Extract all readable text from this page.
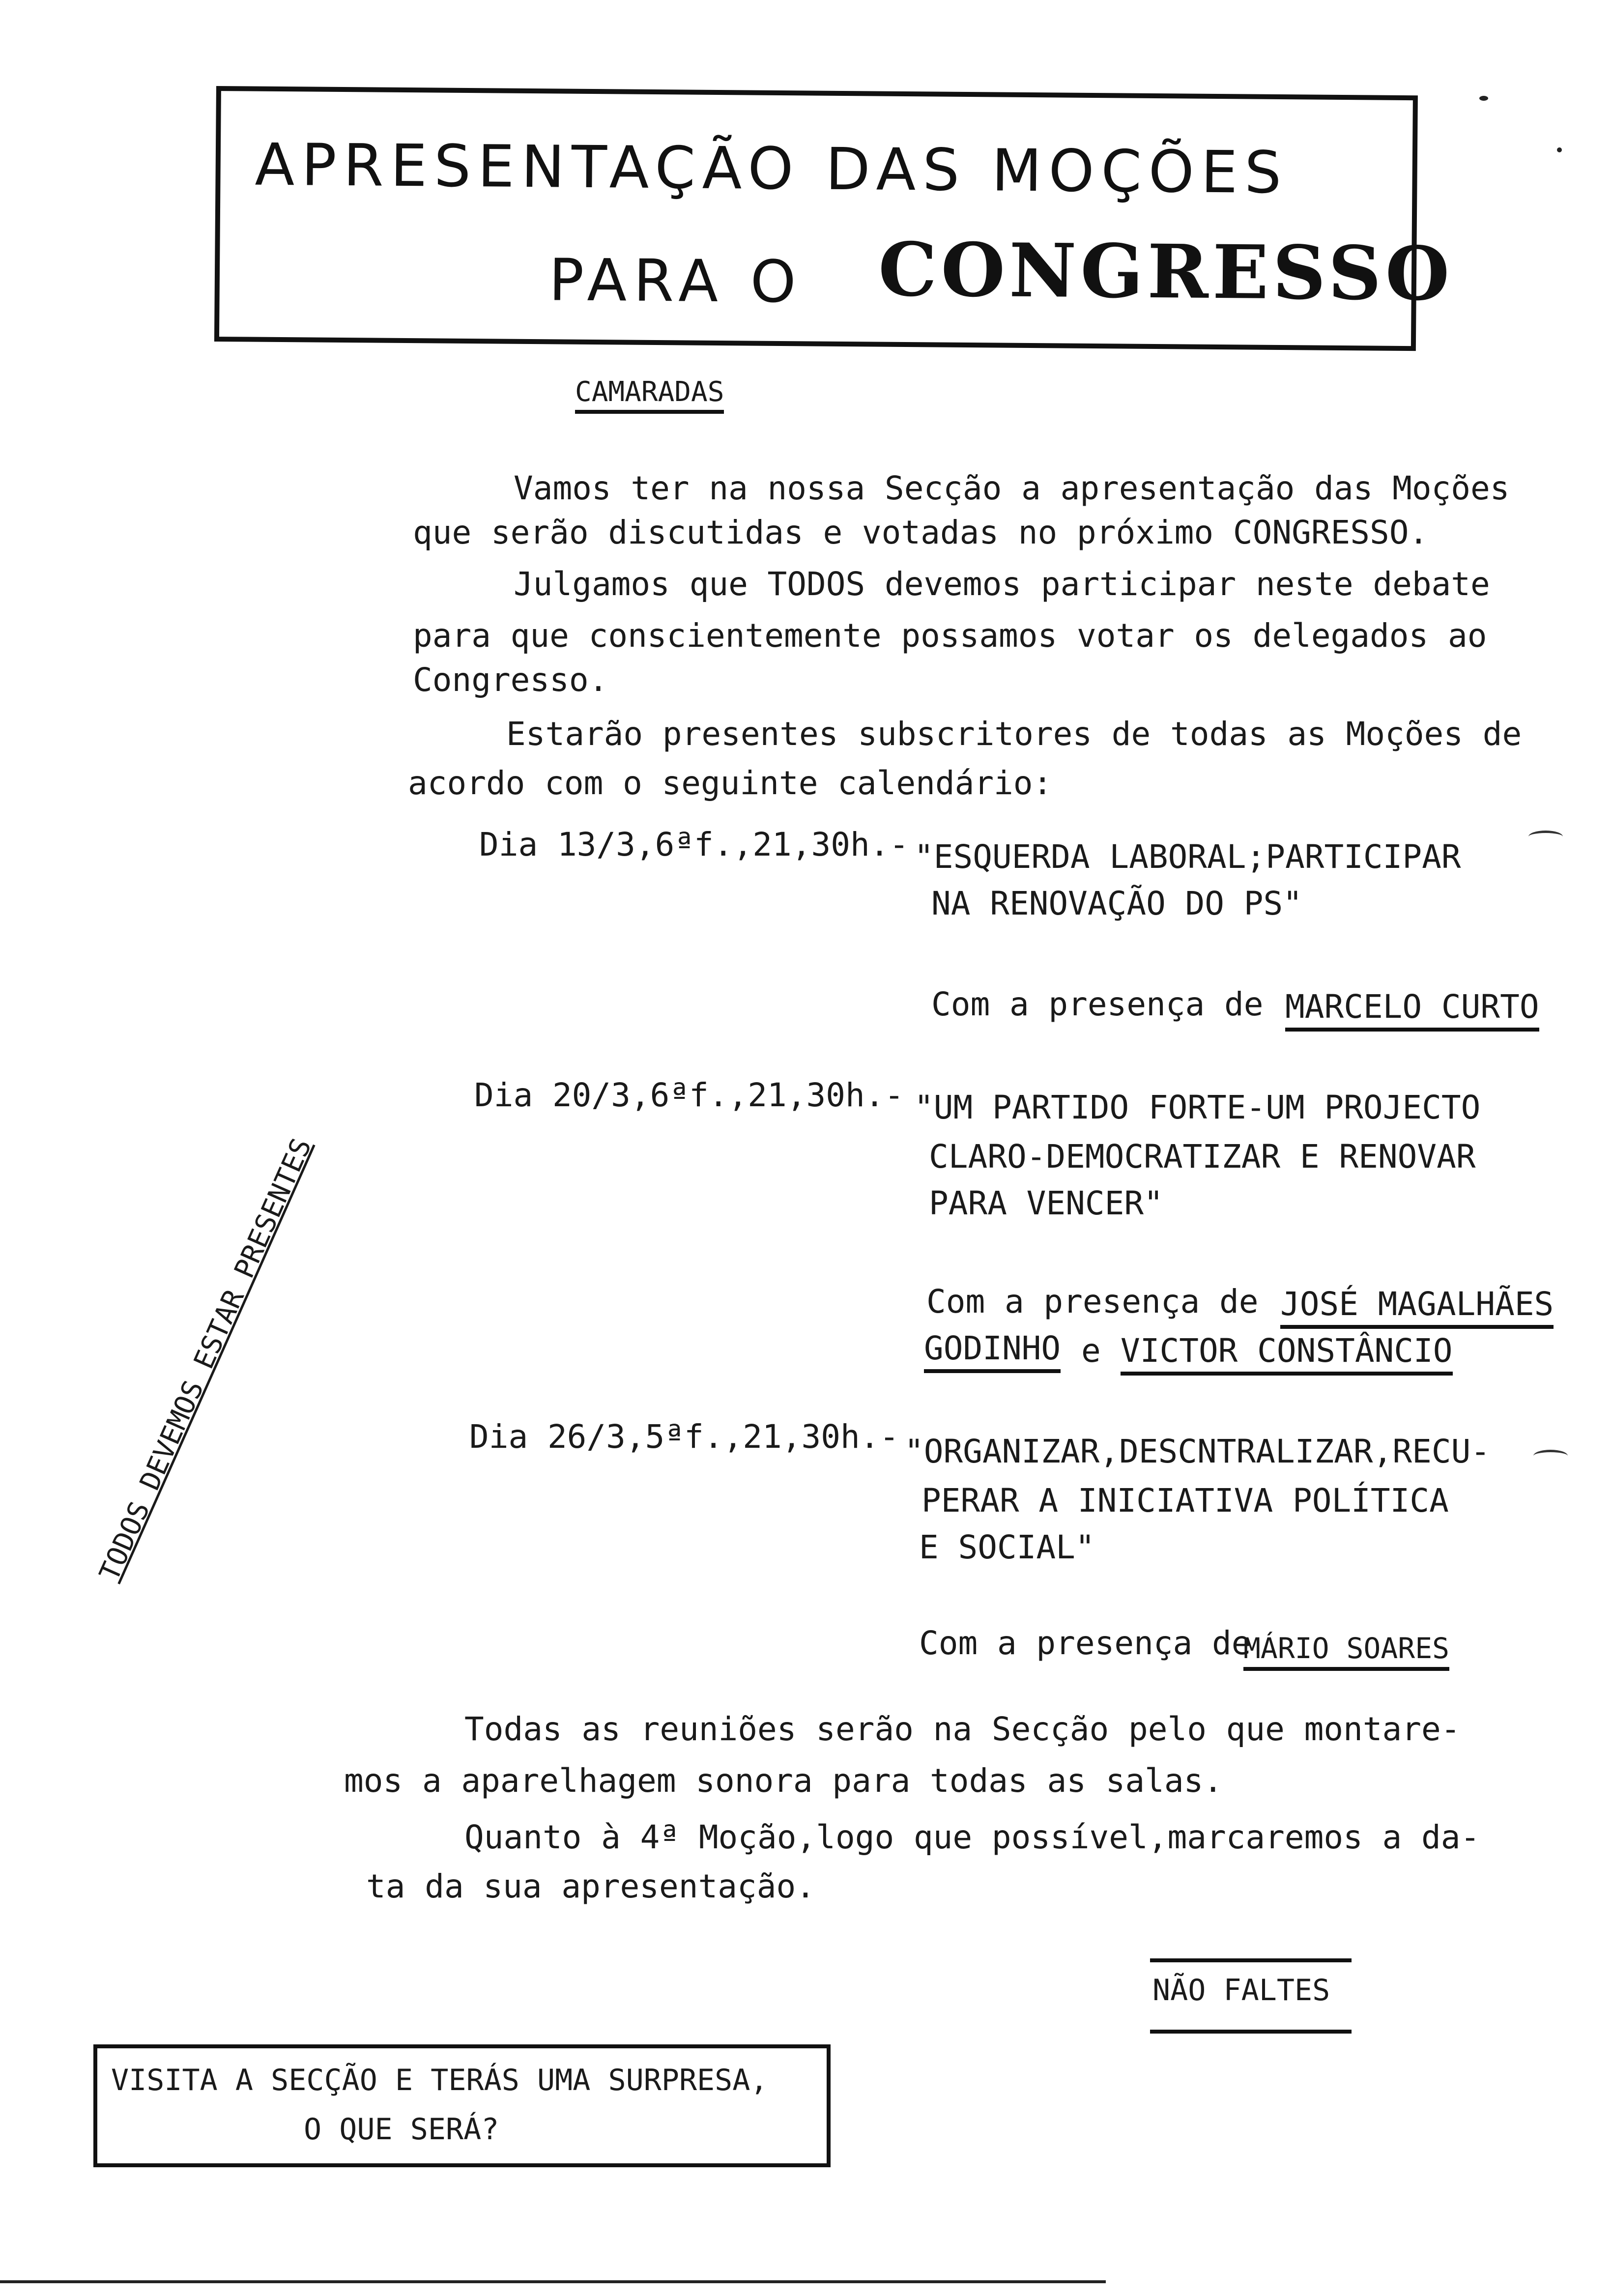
APRESENTAÇÃO DAS MOÇÕES
PARA O CONGRESSO
CAMARADAS
Vamos ter na nossa Secção a apresentação das Moções
que serão discutidas e votadas no próximo CONGRESSO.
Julgamos que TODOS devemos participar neste debate
para que conscientemente possamos votar os delegados ao
Congresso.
Estarão presentes subscritores de todas as Moções de
acordo com o seguinte calendário:
Dia 13/3,6ªf.,21,30h.- "ESQUERDA LABORAL;PARTICIPAR
NA RENOVAÇÃO DO PS"
Com a presença de MARCELO CURTO
Dia 20/3,6ªf.,21,30h.- "UM PARTIDO FORTE-UM PROJECTO
CLARO-DEMOCRATIZAR E RENOVAR
PARA VENCER"
Com a presença de JOSÉ MAGALHÃES
GODINHO e VICTOR CONSTÂNCIO
Dia 26/3,5ªf.,21,30h.- "ORGANIZAR,DESCNTRALIZAR,RECU-
PERAR A INICIATIVA POLÍTICA
E SOCIAL"
Com a presença de
MÁRIO SOARES
Todas as reuniões serão na Secção pelo que montare-
mos a aparelhagem sonora para todas as salas.
Quanto à 4ª Moção,logo que possível,marcaremos a da-
ta da sua apresentação.
NÃO FALTES
TODOS DEVEMOS ESTAR PRESENTES
VISITA A SECÇÃO E TERÁS UMA SURPRESA,
O QUE SERÁ?
